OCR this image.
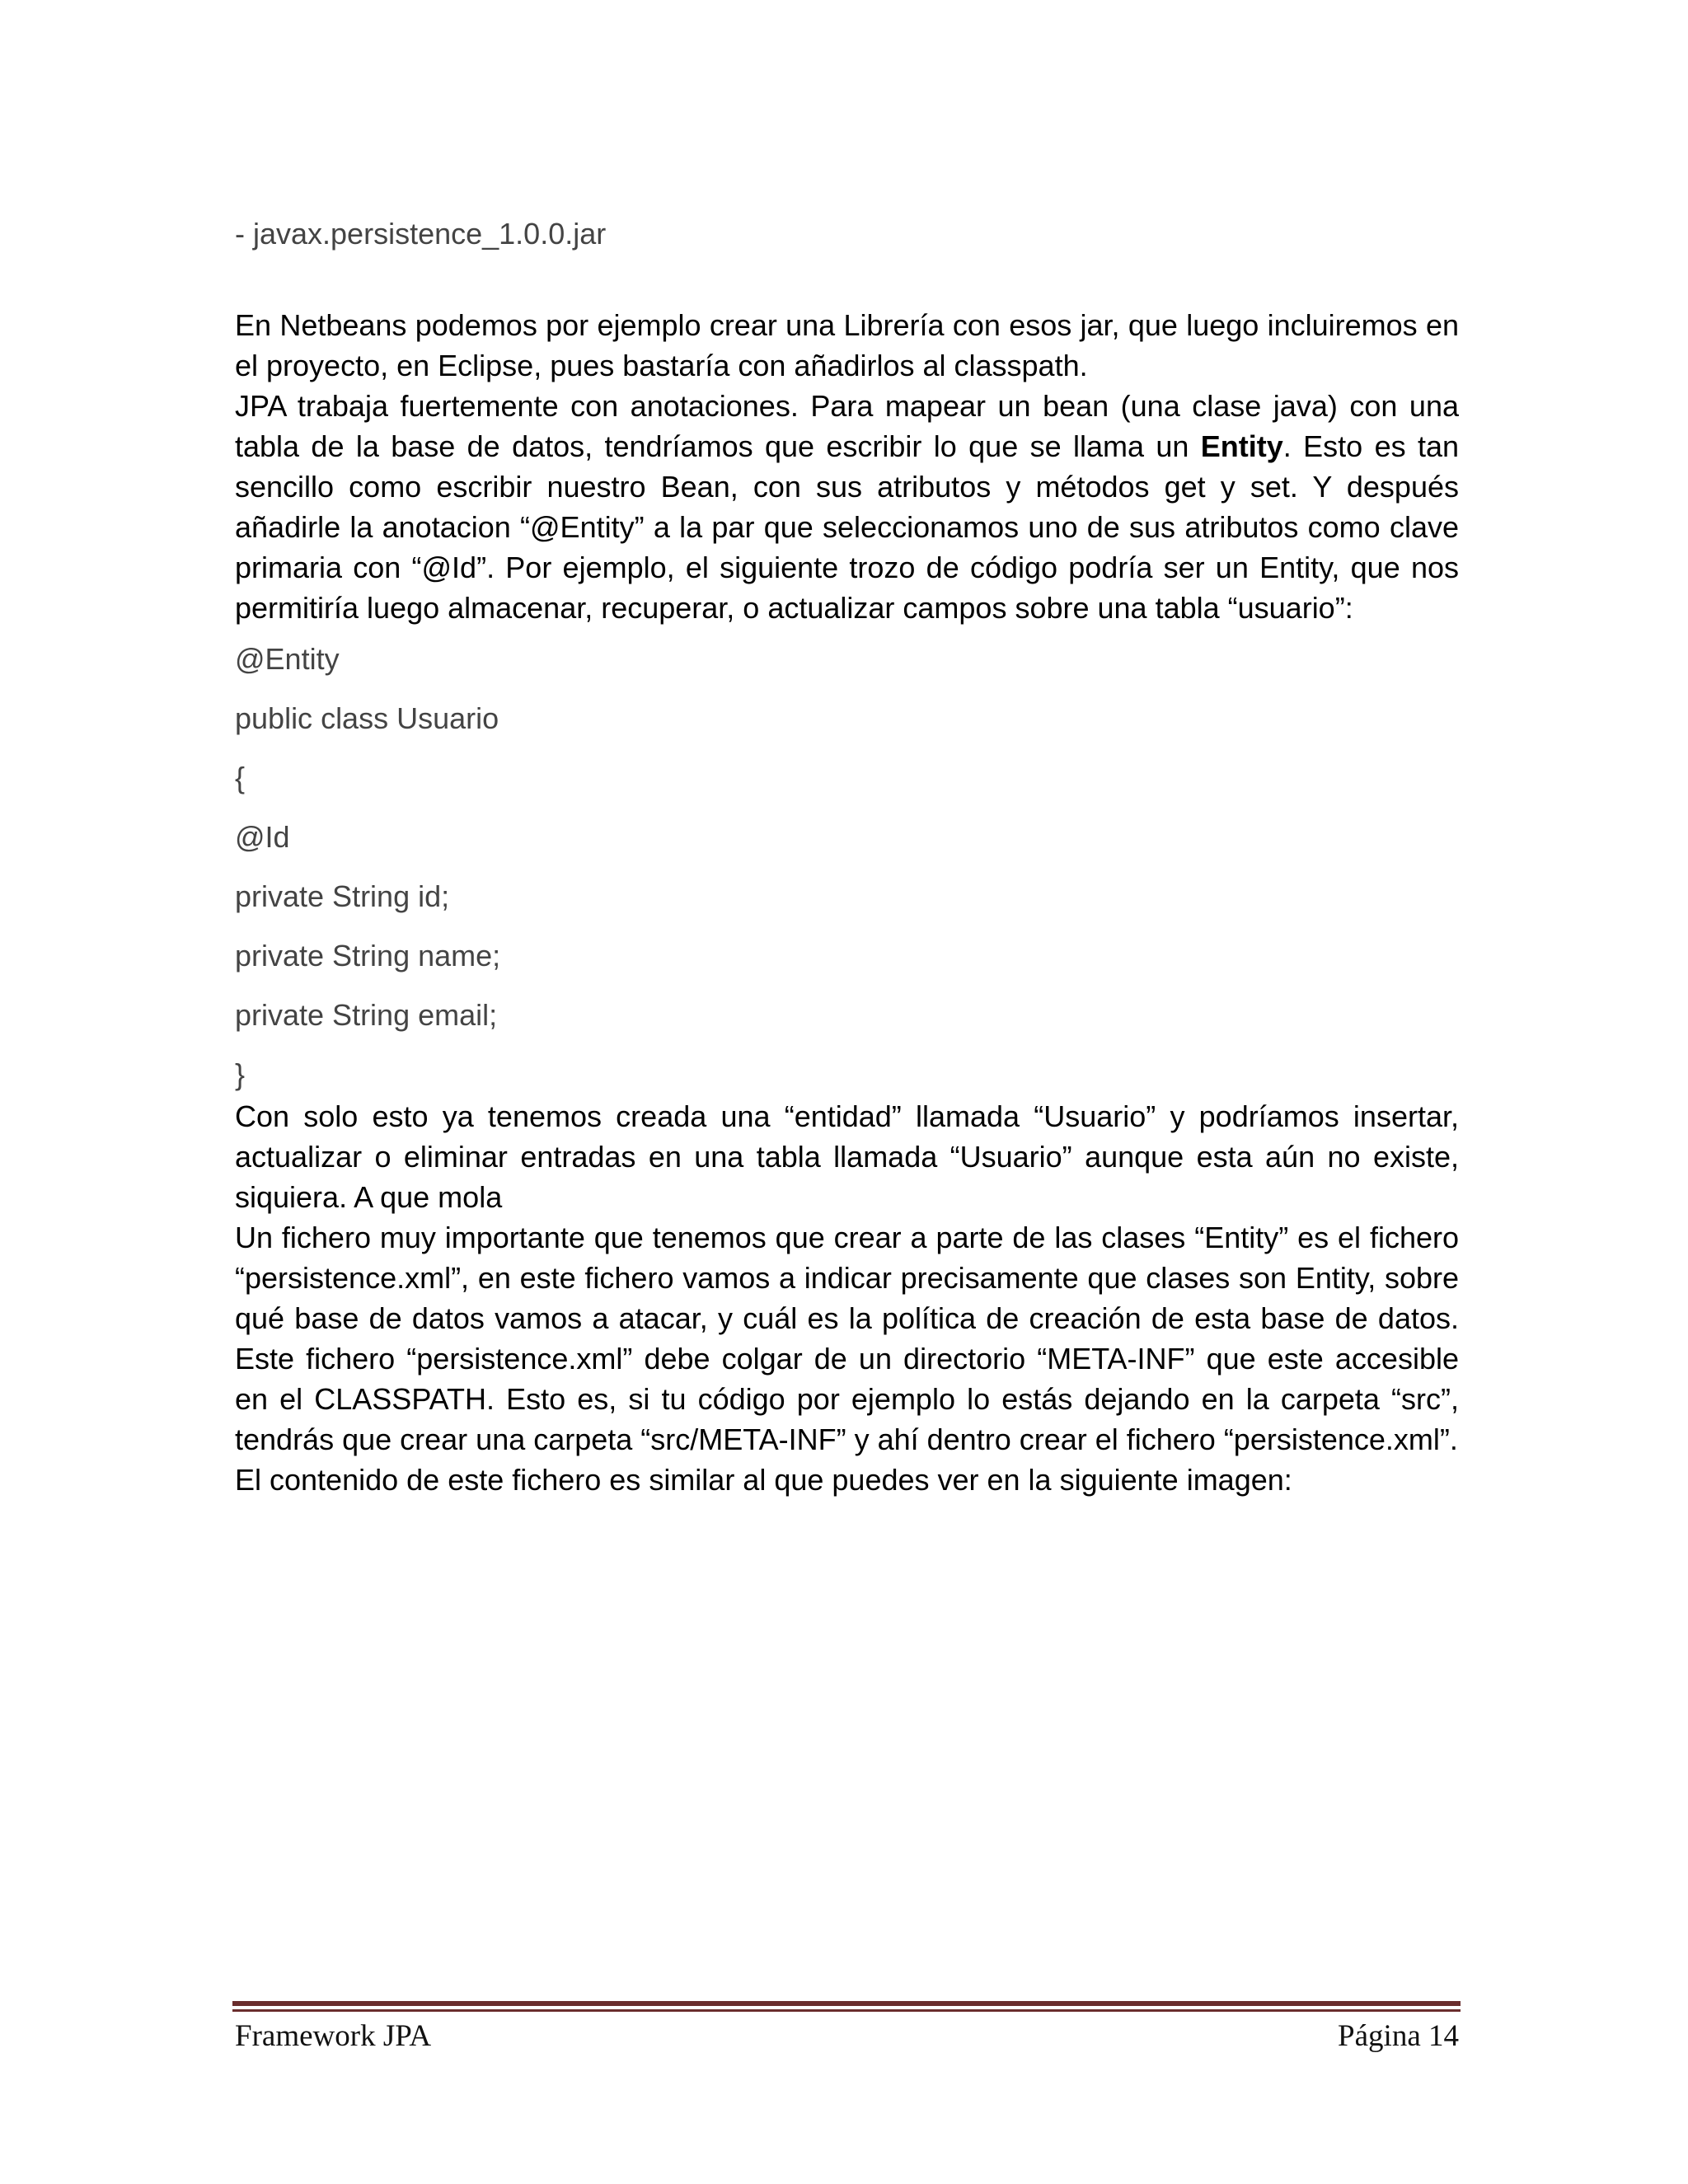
- javax.persistence_1.0.0.jar

En Netbeans podemos por ejemplo crear una Librería con esos jar, que luego incluiremos en el proyecto, en Eclipse, pues bastaría con añadirlos al classpath.

JPA trabaja fuertemente con anotaciones. Para mapear un bean (una clase java) con una tabla de la base de datos, tendríamos que escribir lo que se llama un Entity. Esto es tan sencillo como escribir nuestro Bean, con sus atributos y métodos get y set. Y después añadirle la anotacion “@Entity” a la par que seleccionamos uno de sus atributos como clave primaria con “@Id”. Por ejemplo, el siguiente trozo de código podría ser un Entity, que nos permitiría luego almacenar, recuperar, o actualizar campos sobre una tabla “usuario”:

@Entity
public class Usuario
{
@Id
private String id;
private String name;
private String email;
}

Con solo esto ya tenemos creada una “entidad” llamada “Usuario” y podríamos insertar, actualizar o eliminar entradas en una tabla llamada “Usuario” aunque esta aún no existe, siquiera. A que mola

Un fichero muy importante que tenemos que crear a parte de las clases “Entity” es el fichero “persistence.xml”, en este fichero vamos a indicar precisamente que clases son Entity, sobre qué base de datos vamos a atacar, y cuál es la política de creación de esta base de datos.

Este fichero “persistence.xml” debe colgar de un directorio “META-INF” que este accesible en el CLASSPATH. Esto es, si tu código por ejemplo lo estás dejando en la carpeta “src”, tendrás que crear una carpeta “src/META-INF” y ahí dentro crear el fichero “persistence.xml”.

El contenido de este fichero es similar al que puedes ver en la siguiente imagen:

Framework JPA	Página 14
